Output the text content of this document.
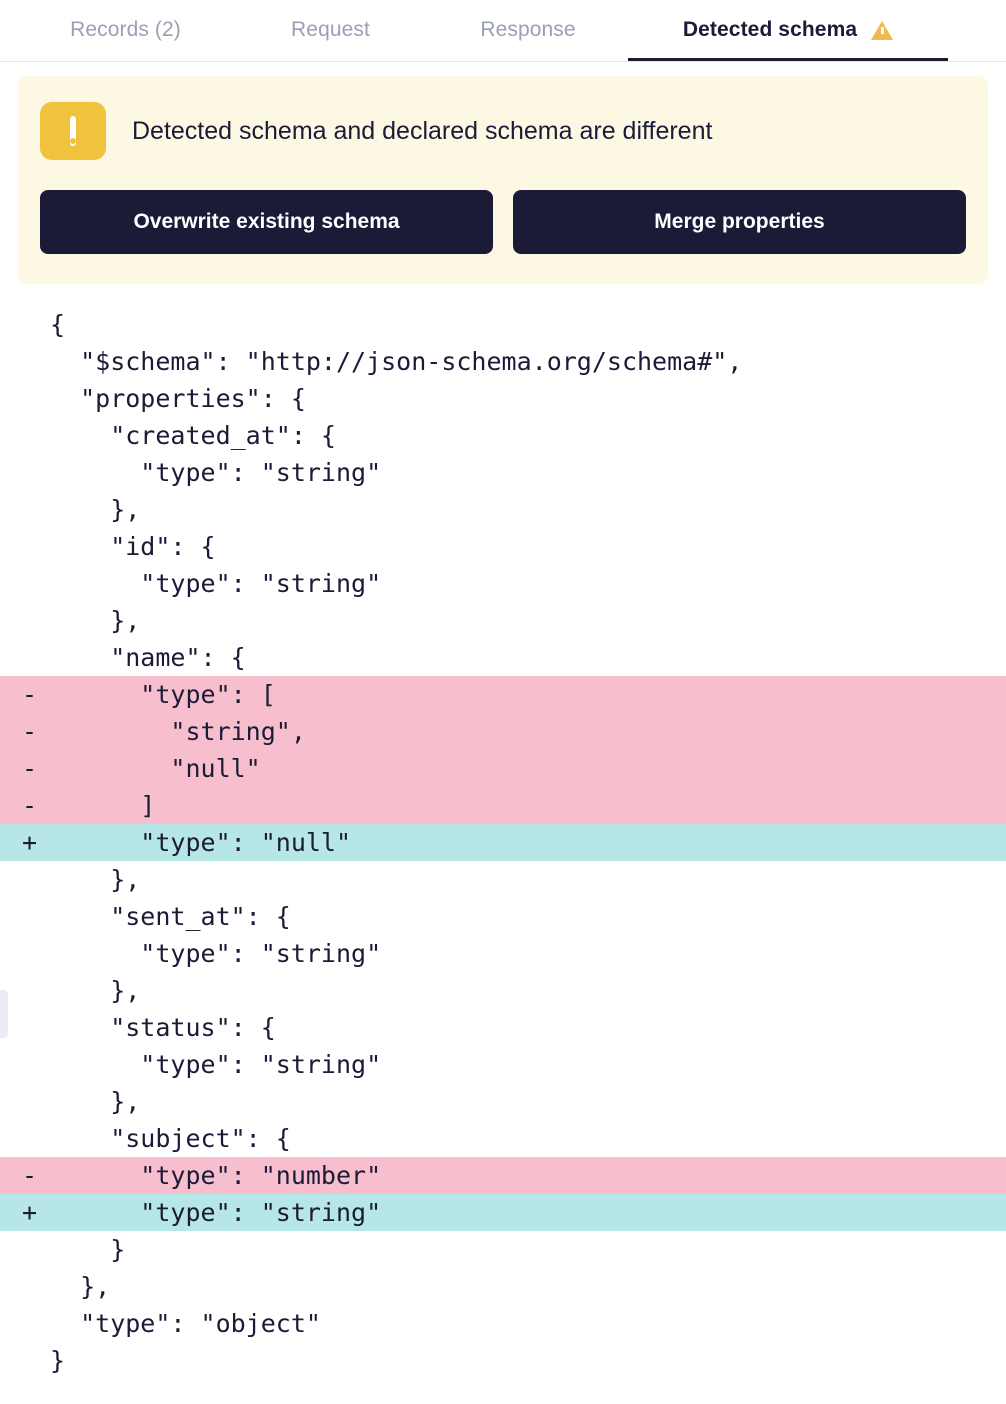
Records (2)	Request	Response	Detected schema
Detected schema and declared schema are different
Overwrite existing schema	Merge properties
{
"$schema": "http://json-schema.org/schema#",
"properties": {
"created_at": {
"type": "string"
},
"id": {
"type": "string"
},
"name": {
-      "type": [
-        "string",
-        "null"
-      ]
+      "type": "null"
},
"sent_at": {
"type": "string"
},
"status": {
"type": "string"
},
"subject": {
-      "type": "number"
+      "type": "string"
}
},
"type": "object"
}
